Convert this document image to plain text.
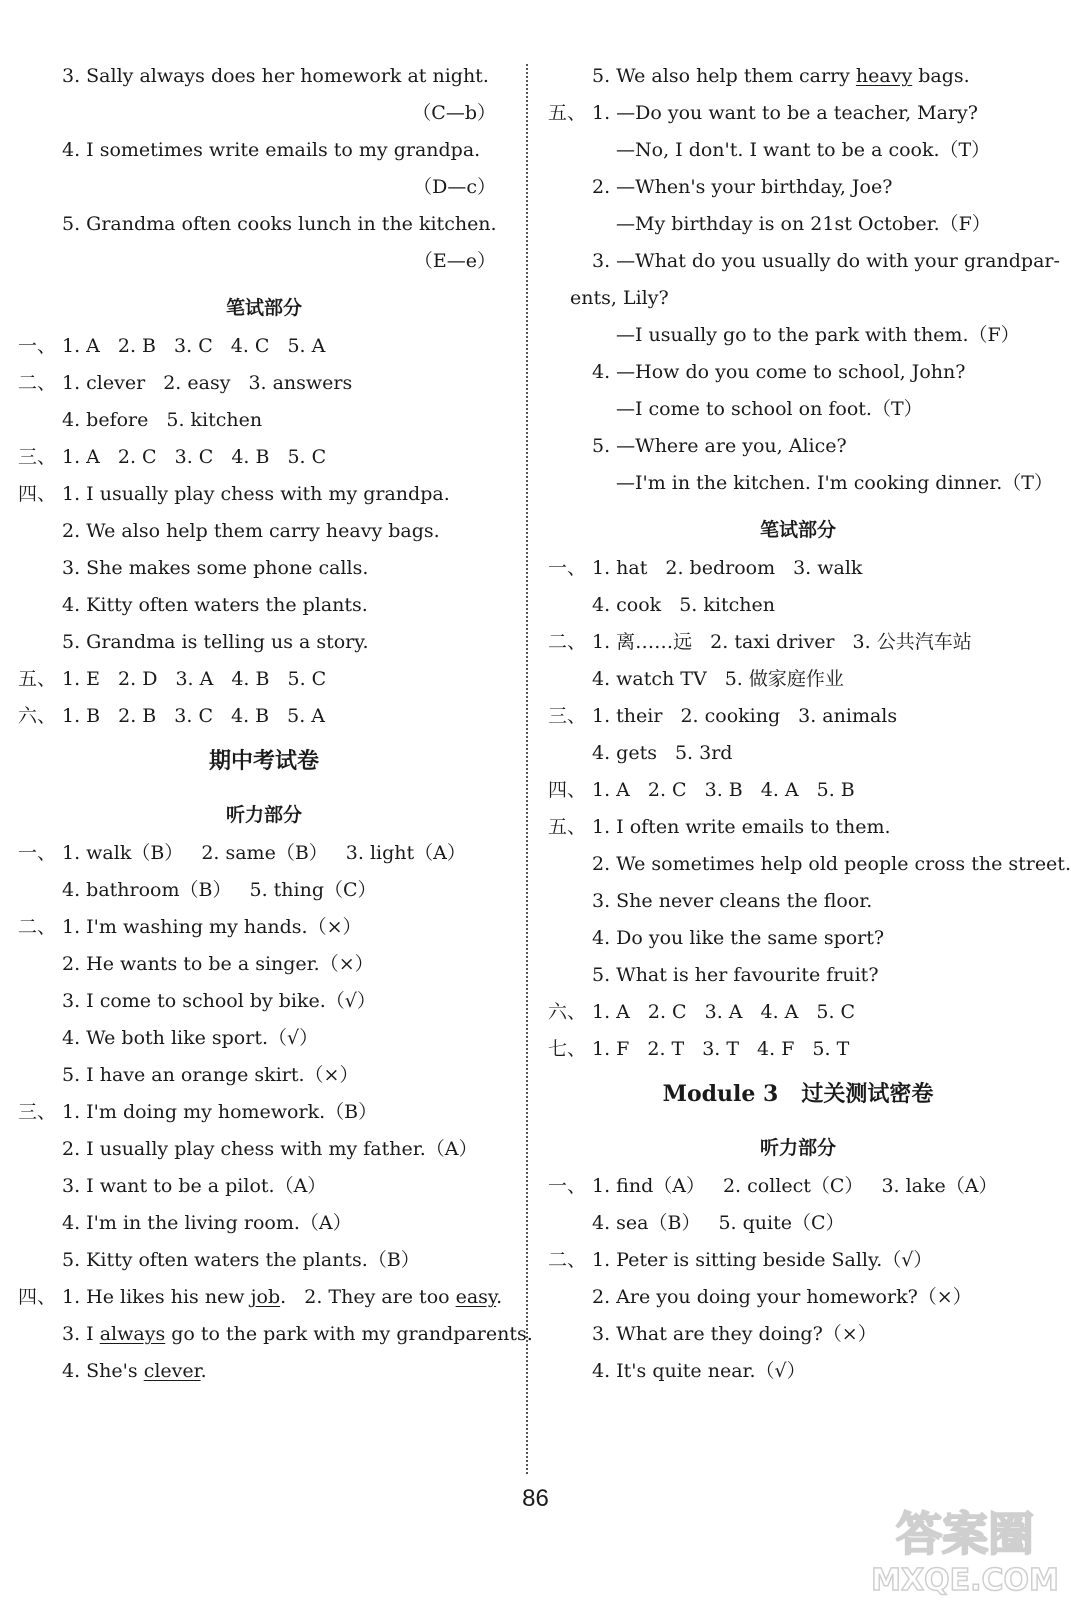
3. Sally always does her homework at night.
（C—b）
4. I sometimes write emails to my grandpa.
（D—c）
5. Grandma often cooks lunch in the kitchen.
（E—e）
笔试部分
一、 1. A 2. B 3. C 4. C 5. A
二、 1. clever 2. easy 3. answers
4. before 5. kitchen
三、 1. A 2. C 3. C 4. B 5. C
四、 1. I usually play chess with my grandpa.
2. We also help them carry heavy bags.
3. She makes some phone calls.
4. Kitty often waters the plants.
5. Grandma is telling us a story.
五、 1. E 2. D 3. A 4. B 5. C
六、 1. B 2. B 3. C 4. B 5. A
期中考试卷
听力部分
一、 1. walk（B） 2. same（B） 3. light（A）
4. bathroom（B） 5. thing（C）
二、 1. I'm washing my hands.（×）
2. He wants to be a singer.（×）
3. I come to school by bike.（√）
4. We both like sport.（√）
5. I have an orange skirt.（×）
三、 1. I'm doing my homework.（B）
2. I usually play chess with my father.（A）
3. I want to be a pilot.（A）
4. I'm in the living room.（A）
5. Kitty often waters the plants.（B）
四、 1. He likes his new job.   2. They are too easy.
3. I always go to the park with my grandparents.
4. She's clever.
5. We also help them carry heavy bags.
五、 1. —Do you want to be a teacher, Mary?
—No, I don't. I want to be a cook.（T）
2. —When's your birthday, Joe?
—My birthday is on 21st October.（F）
3. —What do you usually do with your grandpar-
ents, Lily?
—I usually go to the park with them.（F）
4. —How do you come to school, John?
—I come to school on foot.（T）
5. —Where are you, Alice?
—I'm in the kitchen. I'm cooking dinner.（T）
笔试部分
一、 1. hat 2. bedroom 3. walk
4. cook 5. kitchen
二、 1. 离……远 2. taxi driver 3. 公共汽车站
4. watch TV 5. 做家庭作业
三、 1. their 2. cooking 3. animals
4. gets 5. 3rd
四、 1. A 2. C 3. B 4. A 5. B
五、 1. I often write emails to them.
2. We sometimes help old people cross the street.
3. She never cleans the floor.
4. Do you like the same sport?
5. What is her favourite fruit?
六、 1. A 2. C 3. A 4. A 5. C
七、 1. F 2. T 3. T 4. F 5. T
Module 3   过关测试密卷
听力部分
一、 1. find（A） 2. collect（C） 3. lake（A）
4. sea（B） 5. quite（C）
二、 1. Peter is sitting beside Sally.（√）
2. Are you doing your homework?（×）
3. What are they doing?（×）
4. It's quite near.（√）
86
答案圈
MXQE.COM
